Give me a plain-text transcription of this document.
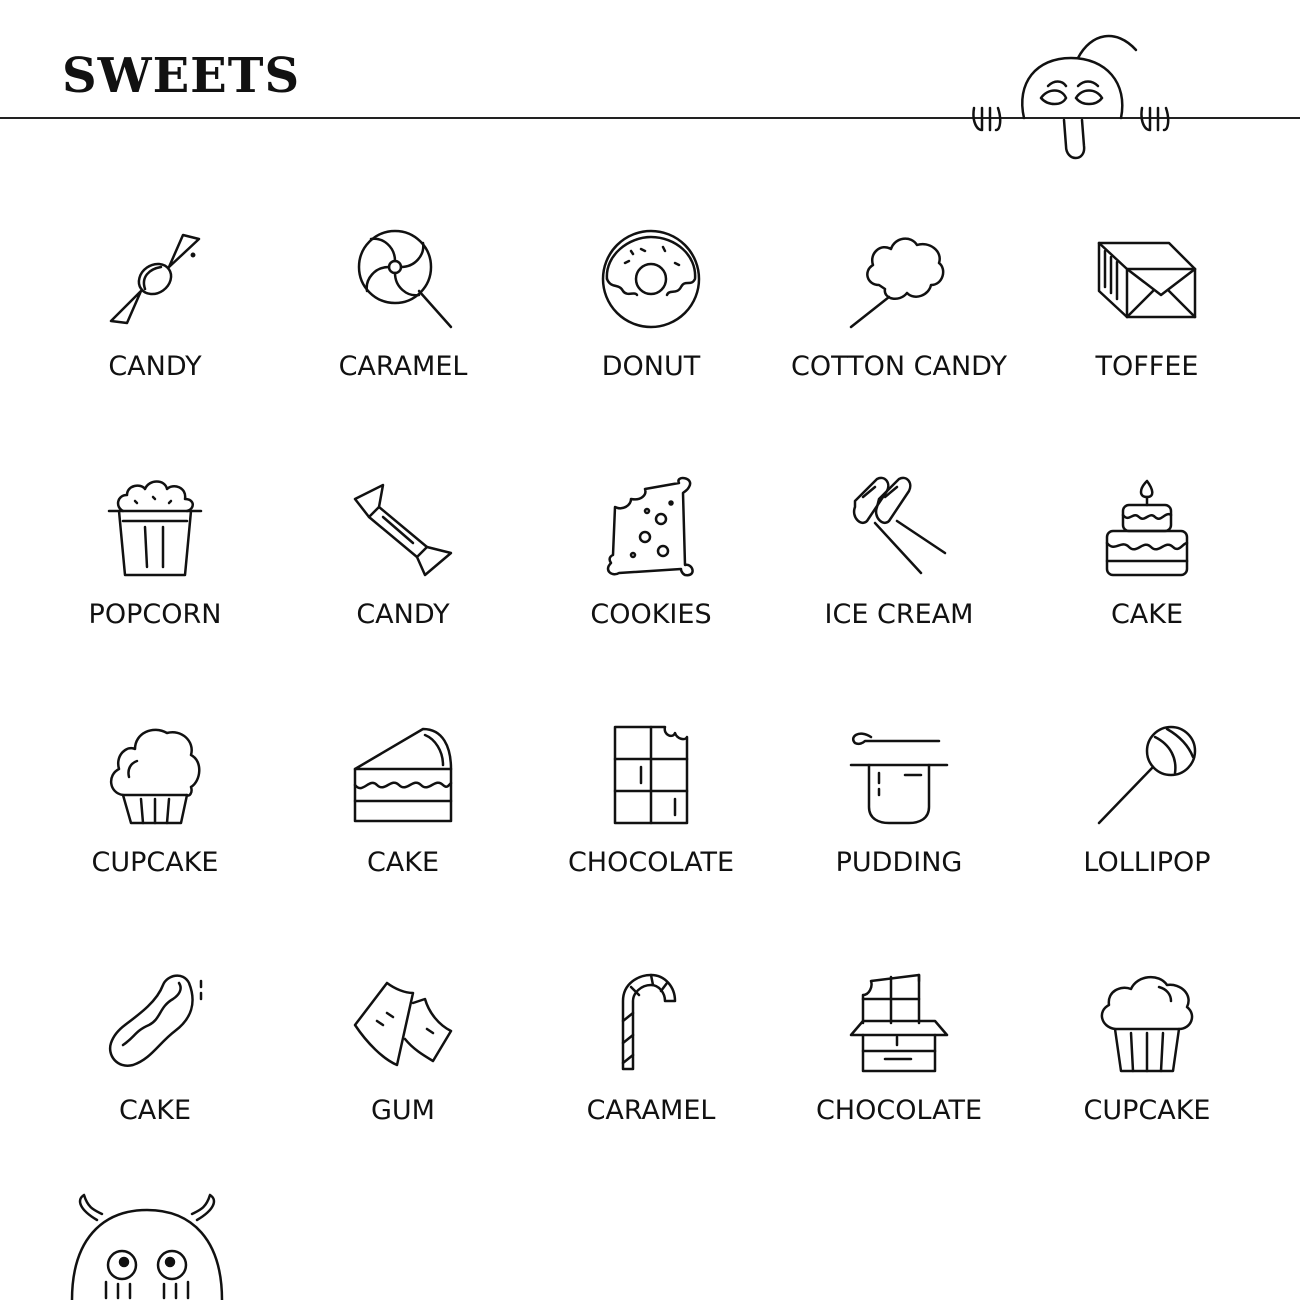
SWEETS
CANDY	CARAMEL	DONUT	COTTON CANDY	TOFFEE
POPCORN	CANDY	COOKIES	ICE CREAM	CAKE
CUPCAKE	CAKE	CHOCOLATE	PUDDING	LOLLIPOP
CAKE	GUM	CARAMEL	CHOCOLATE	CUPCAKE
